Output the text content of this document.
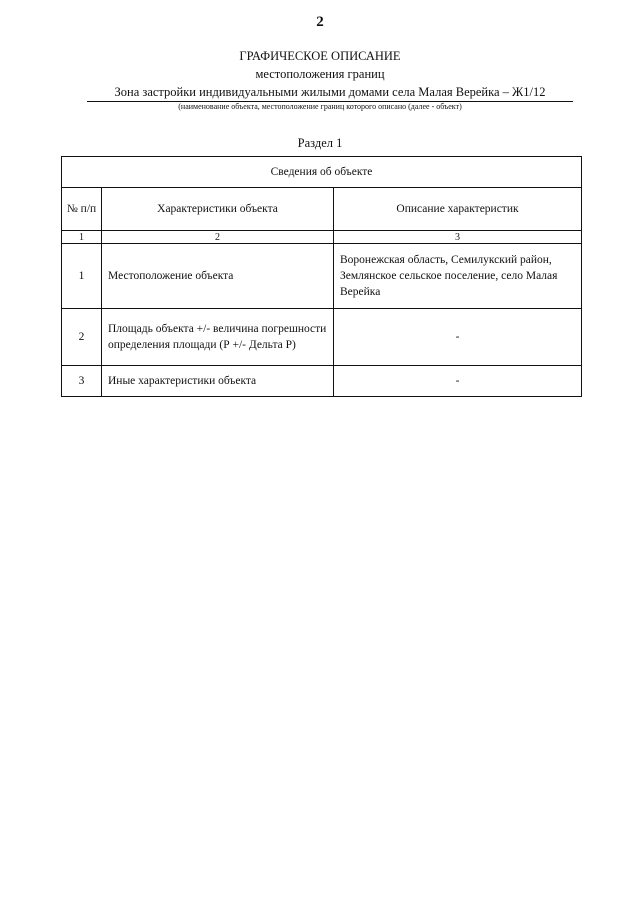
2
ГРАФИЧЕСКОЕ ОПИСАНИЕ
местоположения границ
Зона застройки индивидуальными жилыми домами села Малая Верейка – Ж1/12
(наименование объекта, местоположение границ которого описано (далее - объект)
Раздел 1
Сведения об объекте		
№ п/п	Характеристики объекта	Описание характеристик
1	2	3
1	Местоположение объекта	Воронежская область, Семилукский район, Землянское сельское поселение, село Малая Верейка
2	Площадь объекта +/- величина погрешности определения площади (Р +/- Дельта Р)	-
3	Иные характеристики объекта	-
